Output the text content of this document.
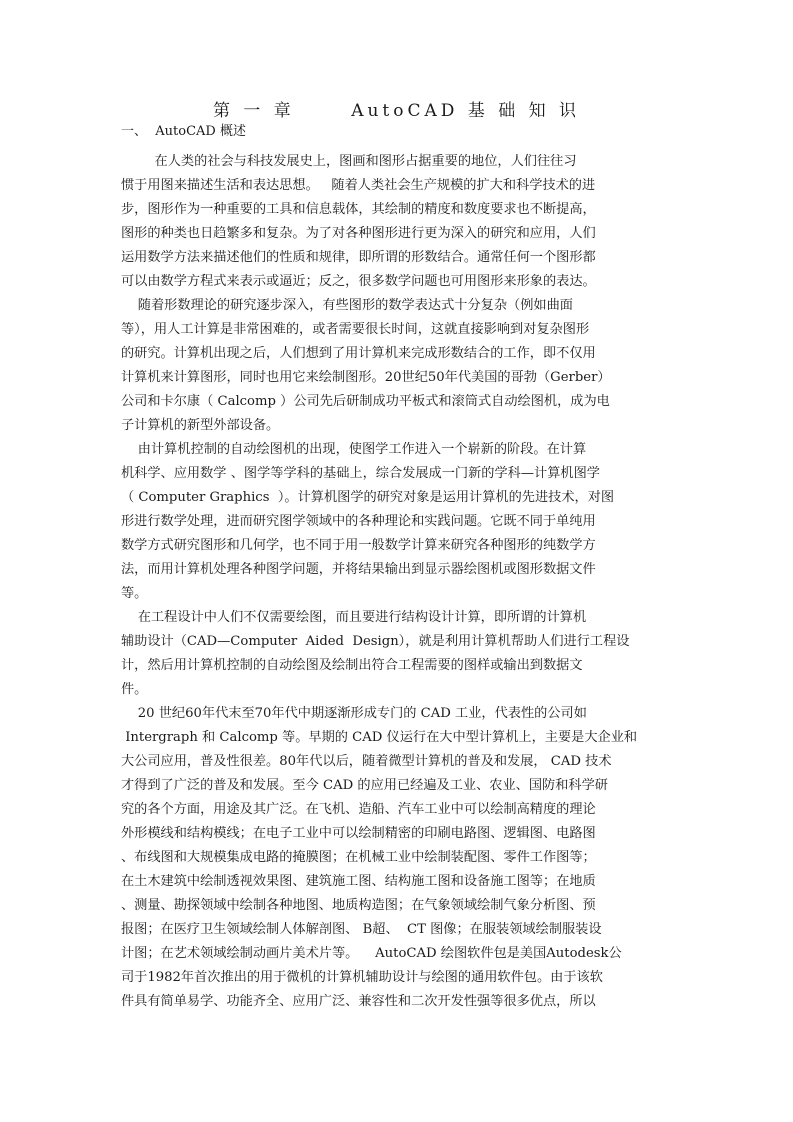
第 一 章      AutoCAD 基 础 知 识
一、  AutoCAD 概述
在人类的社会与科技发展史上，图画和图形占据重要的地位，人们往往习
惯于用图来描述生活和表达思想。   随着人类社会生产规模的扩大和科学技术的进
步，图形作为一种重要的工具和信息载体，其绘制的精度和数度要求也不断提高，
图形的种类也日趋繁多和复杂。为了对各种图形进行更为深入的研究和应用，人们
运用数学方法来描述他们的性质和规律，即所谓的形数结合。通常任何一个图形都
可以由数学方程式来表示或逼近；反之，很多数学问题也可用图形来形象的表达。
随着形数理论的研究逐步深入，有些图形的数学表达式十分复杂（例如曲面
等），用人工计算是非常困难的，或者需要很长时间，这就直接影响到对复杂图形
的研究。计算机出现之后，人们想到了用计算机来完成形数结合的工作，即不仅用
计算机来计算图形，同时也用它来绘制图形。20世纪50年代美国的哥勃（Gerber）
公司和卡尔康（ Calcomp ）公司先后研制成功平板式和滚筒式自动绘图机，成为电
子计算机的新型外部设备。
由计算机控制的自动绘图机的出现，使图学工作进入一个崭新的阶段。在计算
机科学、应用数学 、图学等学科的基础上，综合发展成一门新的学科—计算机图学
（ Computer Graphics  ）。计算机图学的研究对象是运用计算机的先进技术，对图
形进行数学处理，进而研究图学领域中的各种理论和实践问题。它既不同于单纯用
数学方式研究图形和几何学，也不同于用一般数学计算来研究各种图形的纯数学方
法，而用计算机处理各种图学问题，并将结果输出到显示器绘图机或图形数据文件
等。
在工程设计中人们不仅需要绘图，而且要进行结构设计计算，即所谓的计算机
辅助设计（CAD—Computer  Aided  Design），就是利用计算机帮助人们进行工程设
计，然后用计算机控制的自动绘图及绘制出符合工程需要的图样或输出到数据文
件。
20 世纪60年代末至70年代中期逐渐形成专门的 CAD 工业，代表性的公司如
Intergraph 和 Calcomp 等。早期的 CAD 仪运行在大中型计算机上，主要是大企业和
大公司应用，普及性很差。80年代以后，随着微型计算机的普及和发展， CAD 技术
才得到了广泛的普及和发展。至今 CAD 的应用已经遍及工业、农业、国防和科学研
究的各个方面，用途及其广泛。在飞机、造船、汽车工业中可以绘制高精度的理论
外形模线和结构模线；在电子工业中可以绘制精密的印刷电路图、逻辑图、电路图
、布线图和大规模集成电路的掩膜图；在机械工业中绘制装配图、零件工作图等；
在土木建筑中绘制透视效果图、建筑施工图、结构施工图和设备施工图等；在地质
、测量、勘探领域中绘制各种地图、地质构造图；在气象领域绘制气象分析图、预
报图；在医疗卫生领域绘制人体解剖图、 B超、  CT 图像；在服装领域绘制服装设
计图；在艺术领域绘制动画片美术片等。    AutoCAD 绘图软件包是美国Autodesk公
司于1982年首次推出的用于微机的计算机辅助设计与绘图的通用软件包。由于该软
件具有简单易学、功能齐全、应用广泛、兼容性和二次开发性强等很多优点，所以
